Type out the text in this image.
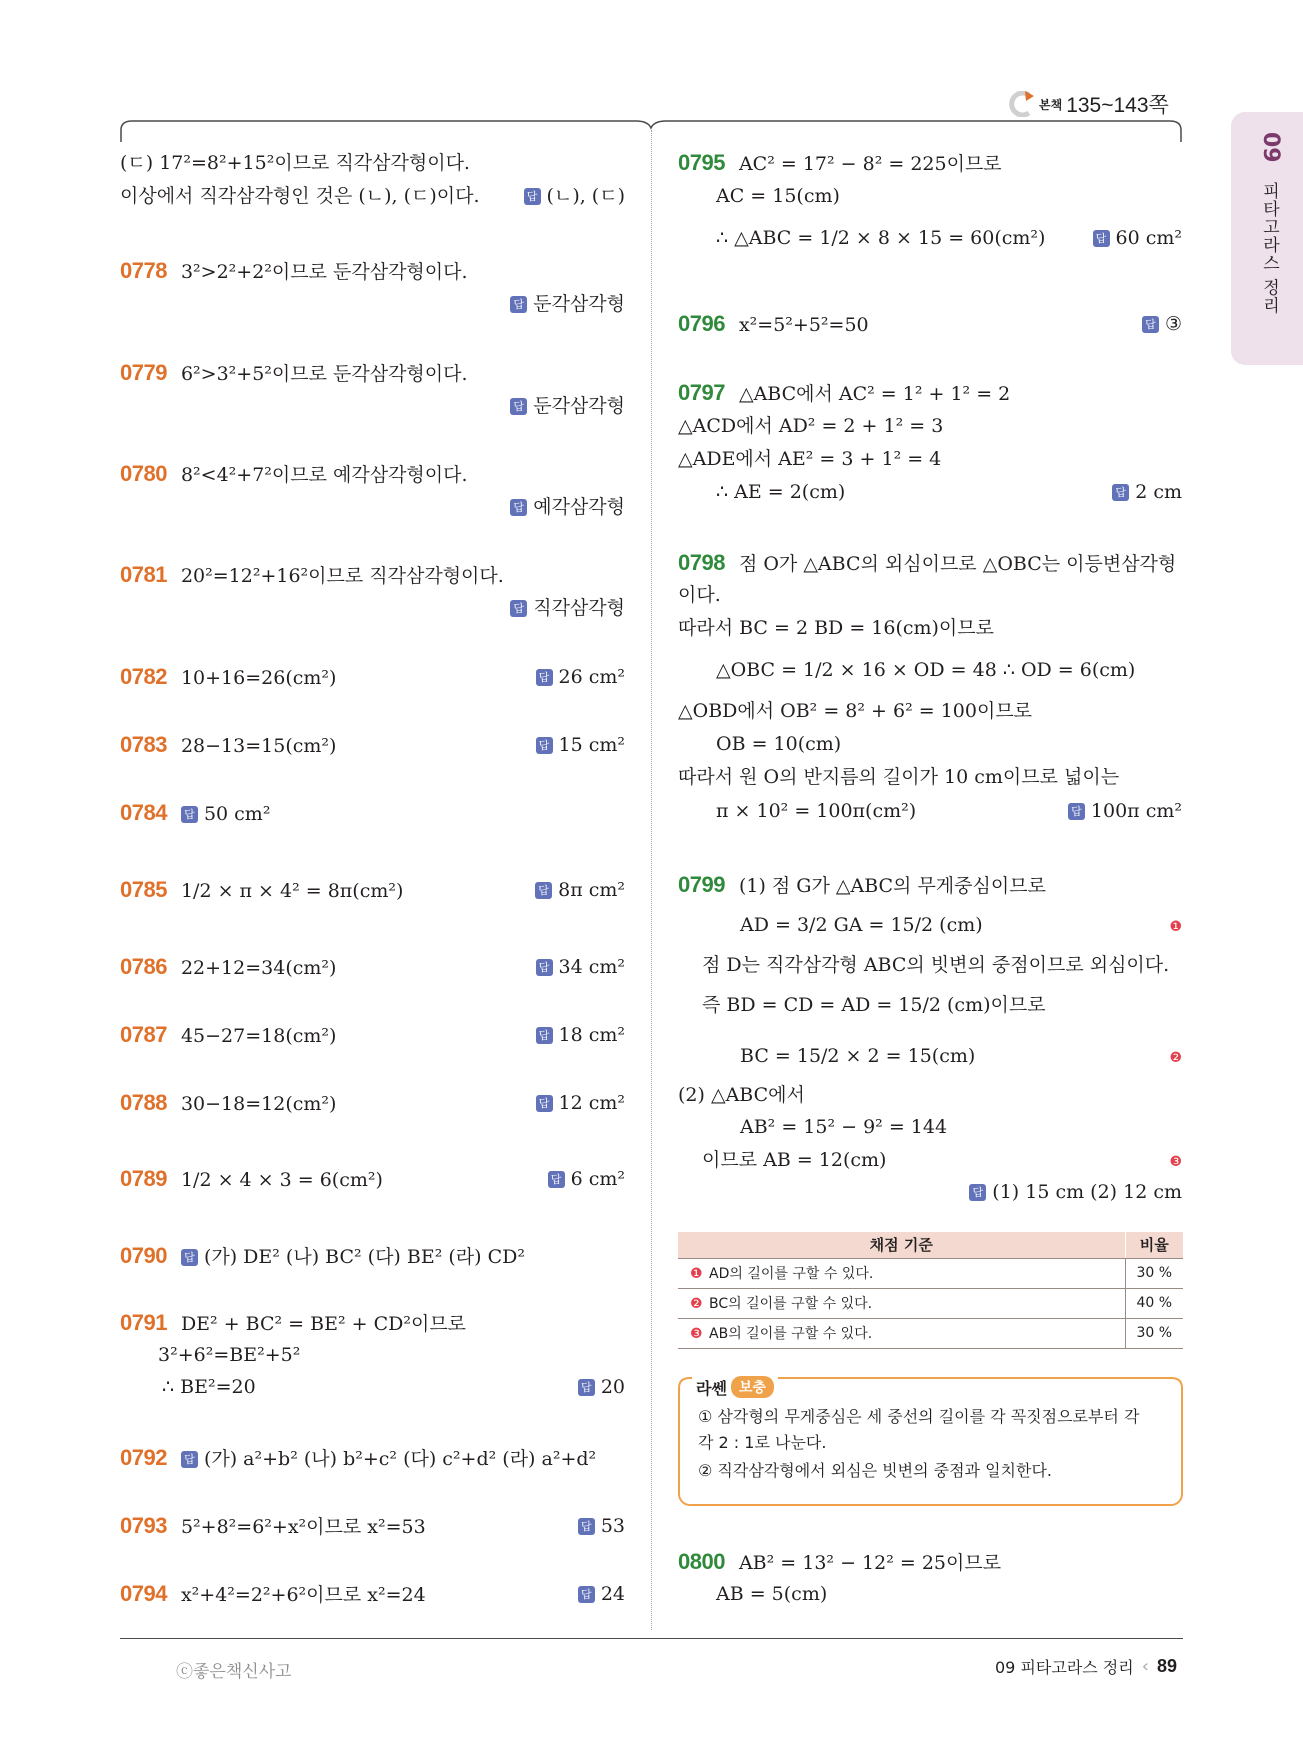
본책 135~143쪽
09
피타고라스 정리
(ㄷ) 17²=8²+15²이므로 직각삼각형이다.
이상에서 직각삼각형인 것은 (ㄴ), (ㄷ)이다.	답 (ㄴ), (ㄷ)
0778 3²>2²+2²이므로 둔각삼각형이다.
답 둔각삼각형
0779 6²>3²+5²이므로 둔각삼각형이다.
답 둔각삼각형
0780 8²<4²+7²이므로 예각삼각형이다.
답 예각삼각형
0781 20²=12²+16²이므로 직각삼각형이다.
답 직각삼각형
0782 10+16=26(cm²)	답 26 cm²
0783 28−13=15(cm²)	답 15 cm²
0784 답 50 cm²
0785 1/2 × π × 4² = 8π(cm²)	답 8π cm²
0786 22+12=34(cm²)	답 34 cm²
0787 45−27=18(cm²)	답 18 cm²
0788 30−18=12(cm²)	답 12 cm²
0789 1/2 × 4 × 3 = 6(cm²)	답 6 cm²
0790 답 (가) DE² (나) BC² (다) BE² (라) CD²
0791 DE² + BC² = BE² + CD²이므로
3²+6²=BE²+5²
∴ BE²=20	답 20
0792 답 (가) a²+b² (나) b²+c² (다) c²+d² (라) a²+d²
0793 5²+8²=6²+x²이므로 x²=53	답 53
0794 x²+4²=2²+6²이므로 x²=24	답 24
0795 AC² = 17² − 8² = 225이므로
AC = 15(cm)
∴ △ABC = 1/2 × 8 × 15 = 60(cm²)	답 60 cm²
0796 x²=5²+5²=50	답 ③
0797 △ABC에서 AC² = 1² + 1² = 2
△ACD에서 AD² = 2 + 1² = 3
△ADE에서 AE² = 3 + 1² = 4
∴ AE = 2(cm)	답 2 cm
0798 점 O가 △ABC의 외심이므로 △OBC는 이등변삼각형
이다.
따라서 BC = 2 BD = 16(cm)이므로
△OBC = 1/2 × 16 × OD = 48 ∴ OD = 6(cm)
△OBD에서 OB² = 8² + 6² = 100이므로
OB = 10(cm)
따라서 원 O의 반지름의 길이가 10 cm이므로 넓이는
π × 10² = 100π(cm²)	답 100π cm²
0799 (1) 점 G가 △ABC의 무게중심이므로
AD = 3/2 GA = 15/2 (cm)	❶
점 D는 직각삼각형 ABC의 빗변의 중점이므로 외심이다.
즉 BD = CD = AD = 15/2 (cm)이므로
BC = 15/2 × 2 = 15(cm)	❷
(2) △ABC에서
AB² = 15² − 9² = 144
이므로 AB = 12(cm)	❸
답 (1) 15 cm (2) 12 cm
0800 AB² = 13² − 12² = 25이므로
AB = 5(cm)
채점 기준	비율
❶ AD의 길이를 구할 수 있다.	30 %
❷ BC의 길이를 구할 수 있다.	40 %
❸ AB의 길이를 구할 수 있다.	30 %
① 삼각형의 무게중심은 세 중선의 길이를 각 꼭짓점으로부터 각
각 2 : 1로 나눈다.
② 직각삼각형에서 외심은 빗변의 중점과 일치한다.
라쎈 보충
ⓒ좋은책신사고	09 피타고라스 정리 ‹ 89
